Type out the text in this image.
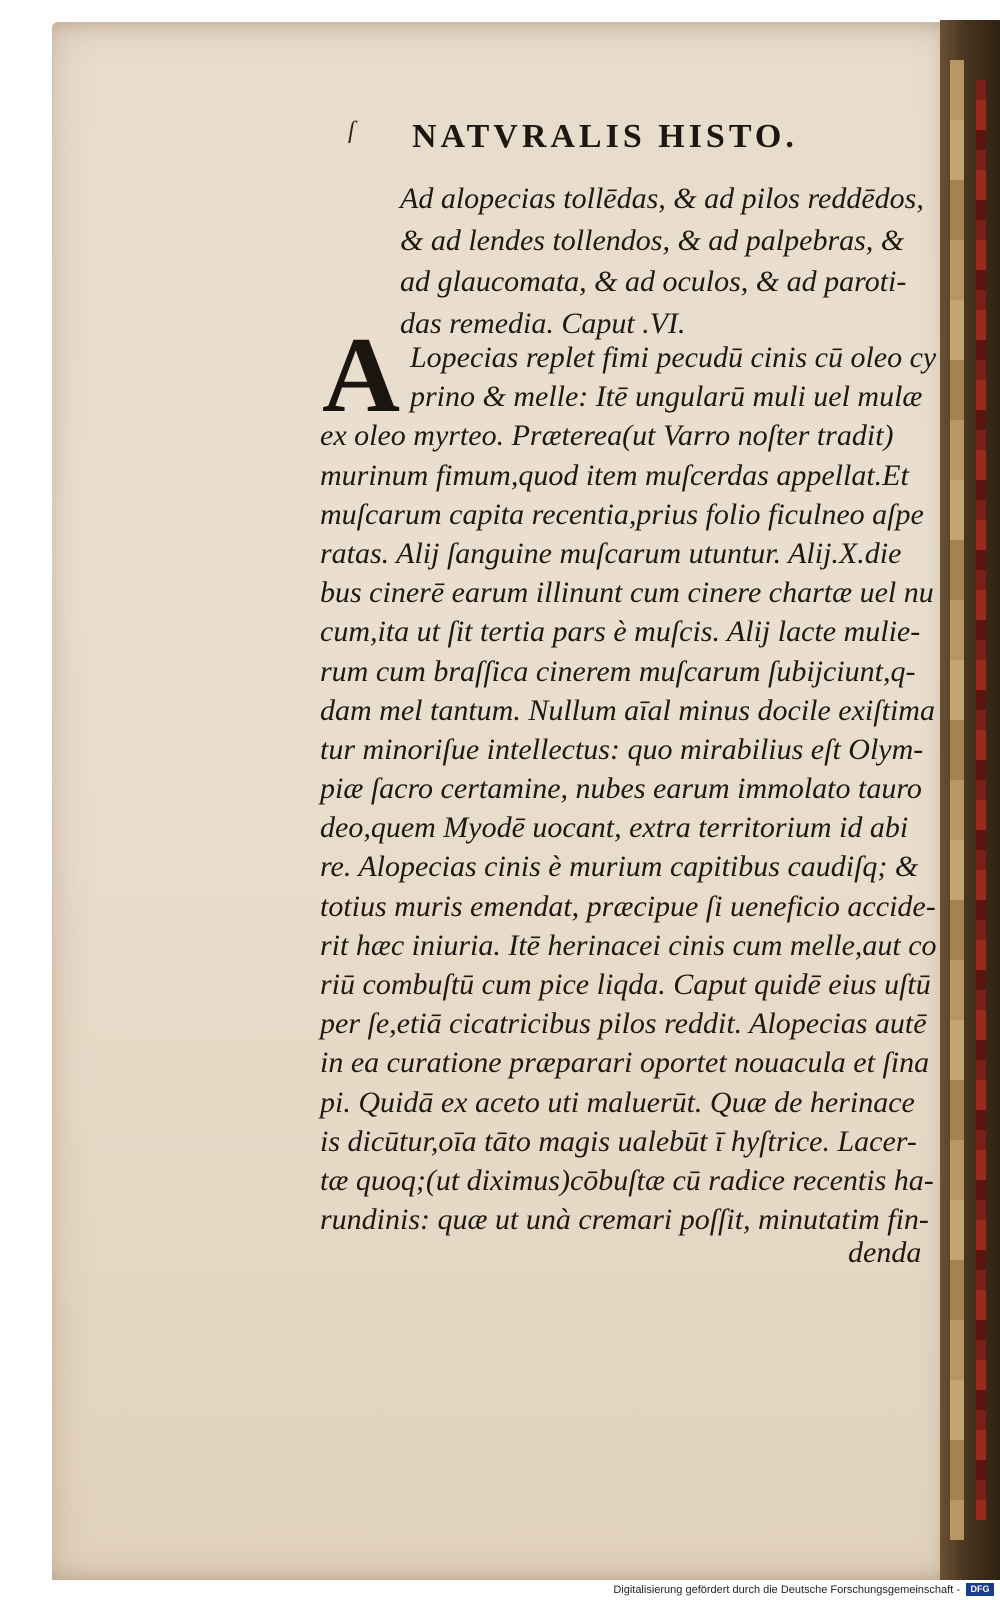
ſ NATVRALIS HISTO.
Ad alopecias tollēdas, & ad pilos reddēdos,
& ad lendes tollendos, & ad palpebras, &
ad glaucomata, & ad oculos, & ad paroti-
das remedia. Caput .VI.
A Lopecias replet fimi pecudū cinis cū oleo cy
prino & melle: Itē ungularū muli uel mulæ
ex oleo myrteo. Præterea(ut Varro noſter tradit)
murinum fimum,quod item muſcerdas appellat.Et
muſcarum capita recentia,prius folio ficulneo aſpe
ratas. Alij ſanguine muſcarum utuntur. Alij.X.die
bus cinerē earum illinunt cum cinere chartæ uel nu
cum,ita ut ſit tertia pars è muſcis. Alij lacte mulie-
rum cum braſſica cinerem muſcarum ſubijciunt,q-
dam mel tantum. Nullum aīal minus docile exiſtima
tur minoriſue intellectus: quo mirabilius eſt Olym-
piæ ſacro certamine, nubes earum immolato tauro
deo,quem Myodē uocant, extra territorium id abi
re. Alopecias cinis è murium capitibus caudiſq; &
totius muris emendat, præcipue ſi ueneficio accide-
rit hæc iniuria. Itē herinacei cinis cum melle,aut co
riū combuſtū cum pice liqda. Caput quidē eius uſtū
per ſe,etiā cicatricibus pilos reddit. Alopecias autē
in ea curatione præparari oportet nouacula et ſina
pi. Quidā ex aceto uti maluerūt. Quæ de herinace
is dicūtur,oīa tāto magis ualebūt ī hyſtrice. Lacer-
tæ quoq;(ut diximus)cōbuſtæ cū radice recentis ha-
rundinis: quæ ut unà cremari poſſit, minutatim fin-
denda
Digitalisierung gefördert durch die Deutsche Forschungsgemeinschaft -	DFG
